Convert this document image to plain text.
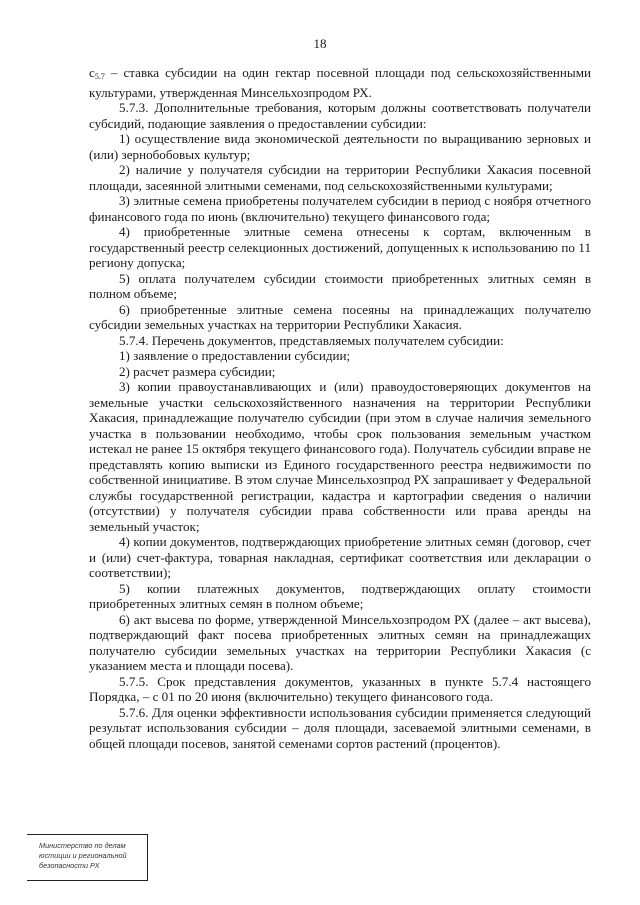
18

$c_{5.7}$ – ставка субсидии на один гектар посевной площади под сельскохозяйственными культурами, утвержденная Минсельхозпродом РХ.

5.7.3. Дополнительные требования, которым должны соответствовать получатели субсидий, подающие заявления о предоставлении субсидии:

1) осуществление вида экономической деятельности по выращиванию зерновых и (или) зернобобовых культур;

2) наличие у получателя субсидии на территории Республики Хакасия посевной площади, засеянной элитными семенами, под сельскохозяйственными культурами;

3) элитные семена приобретены получателем субсидии в период с ноября отчетного финансового года по июнь (включительно) текущего финансового года;

4) приобретенные элитные семена отнесены к сортам, включенным в государственный реестр селекционных достижений, допущенных к использованию по 11 региону допуска;

5) оплата получателем субсидии стоимости приобретенных элитных семян в полном объеме;

6) приобретенные элитные семена посеяны на принадлежащих получателю субсидии земельных участках на территории Республики Хакасия.

5.7.4. Перечень документов, представляемых получателем субсидии:

1) заявление о предоставлении субсидии;

2) расчет размера субсидии;

3) копии правоустанавливающих и (или) правоудостоверяющих документов на земельные участки сельскохозяйственного назначения на территории Республики Хакасия, принадлежащие получателю субсидии (при этом в случае наличия земельного участка в пользовании необходимо, чтобы срок пользования земельным участком истекал не ранее 15 октября текущего финансового года). Получатель субсидии вправе не представлять копию выписки из Единого государственного реестра недвижимости по собственной инициативе. В этом случае Минсельхозпрод РХ запрашивает у Федеральной службы государственной регистрации, кадастра и картографии сведения о наличии (отсутствии) у получателя субсидии права собственности или права аренды на земельный участок;

4) копии документов, подтверждающих приобретение элитных семян (договор, счет и (или) счет-фактура, товарная накладная, сертификат соответствия или декларации о соответствии);

5) копии платежных документов, подтверждающих оплату стоимости приобретенных элитных семян в полном объеме;

6) акт высева по форме, утвержденной Минсельхозпродом РХ (далее – акт высева), подтверждающий факт посева приобретенных элитных семян на принадлежащих получателю субсидии земельных участках на территории Республики Хакасия (с указанием места и площади посева).

5.7.5. Срок представления документов, указанных в пункте 5.7.4 настоящего Порядка, – с 01 по 20 июня (включительно) текущего финансового года.

5.7.6. Для оценки эффективности использования субсидии применяется следующий результат использования субсидии – доля площади, засеваемой элитными семенами, в общей площади посевов, занятой семенами сортов растений (процентов).

Министерство по делам
юстиции и региональной
безопасности РХ
